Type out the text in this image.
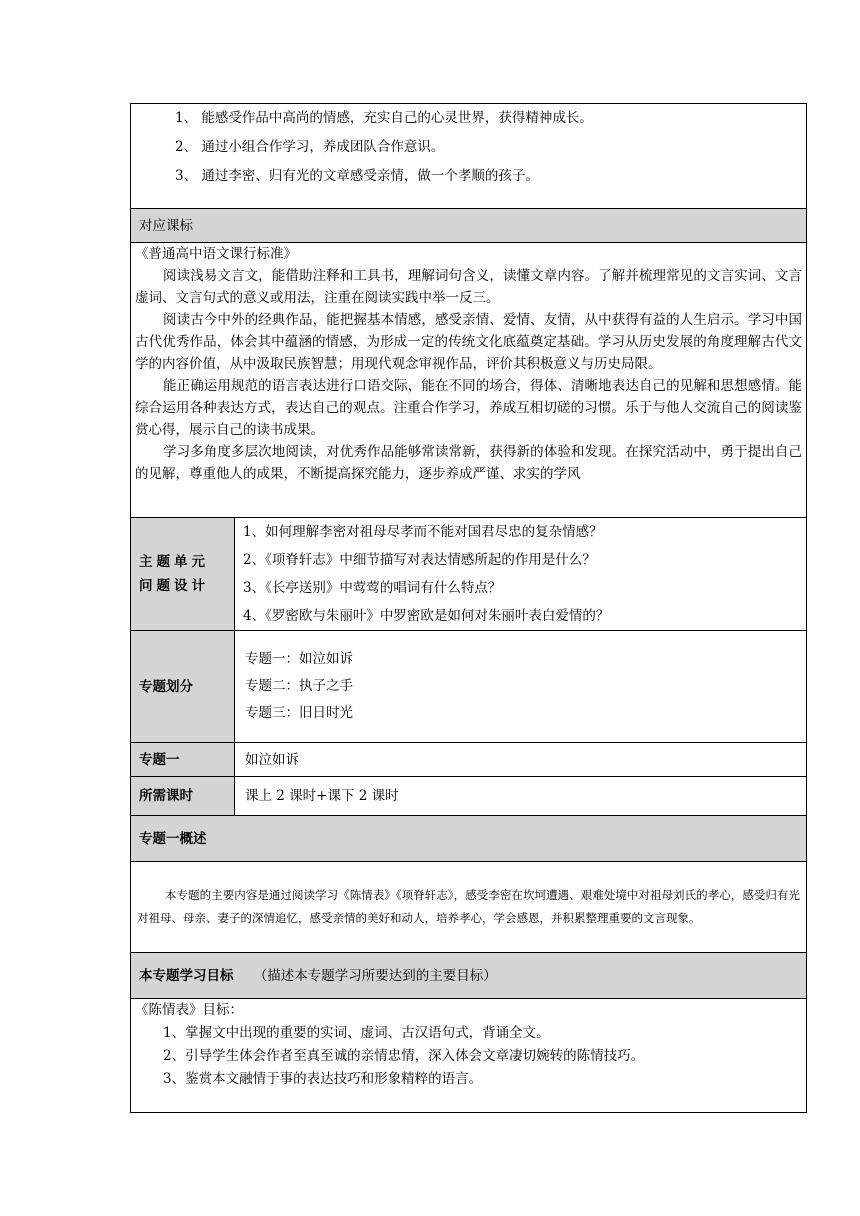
1、 能感受作品中高尚的情感，充实自己的心灵世界，获得精神成长。
2、 通过小组合作学习，养成团队合作意识。
3、 通过李密、归有光的文章感受亲情，做一个孝顺的孩子。	

对应课标	

《普通高中语文课行标准》
阅读浅易文言文，能借助注释和工具书，理解词句含义，读懂文章内容。了解并梳理常见的文言实词、文言虚词、文言句式的意义或用法，注重在阅读实践中举一反三。
阅读古今中外的经典作品，能把握基本情感，感受亲情、爱情、友情，从中获得有益的人生启示。学习中国古代优秀作品，体会其中蕴涵的情感，为形成一定的传统文化底蕴奠定基础。学习从历史发展的角度理解古代文学的内容价值，从中汲取民族智慧；用现代观念审视作品，评价其积极意义与历史局限。
能正确运用规范的语言表达进行口语交际，能在不同的场合，得体、清晰地表达自己的见解和思想感情。能综合运用各种表达方式，表达自己的观点。注重合作学习，养成互相切磋的习惯。乐于与他人交流自己的阅读鉴赏心得，展示自己的读书成果。
学习多角度多层次地阅读，对优秀作品能够常读常新，获得新的体验和发现。在探究活动中，勇于提出自己的见解，尊重他人的成果，不断提高探究能力，逐步养成严谨、求实的学风	

主题单元问题设计	1、如何理解李密对祖母尽孝而不能对国君尽忠的复杂情感？
2、《项脊轩志》中细节描写对表达情感所起的作用是什么？
3、《长亭送别》中莺莺的唱词有什么特点？
4、《罗密欧与朱丽叶》中罗密欧是如何对朱丽叶表白爱情的？

专题划分	专题一：如泣如诉
专题二：执子之手
专题三：旧日时光

专题一	如泣如诉

所需课时	课上 2 课时+课下 2 课时

专题一概述	

本专题的主要内容是通过阅读学习《陈情表》《项脊轩志》，感受李密在坎坷遭遇、艰难处境中对祖母刘氏的孝心，感受归有光对祖母、母亲、妻子的深情追忆，感受亲情的美好和动人，培养孝心，学会感恩，并积累整理重要的文言现象。	

本专题学习目标 （描述本专题学习所要达到的主要目标）	

《陈情表》目标：
1、掌握文中出现的重要的实词、虚词、古汉语句式，背诵全文。
2、引导学生体会作者至真至诚的亲情忠情，深入体会文章凄切婉转的陈情技巧。
3、鉴赏本文融情于事的表达技巧和形象精粹的语言。	
